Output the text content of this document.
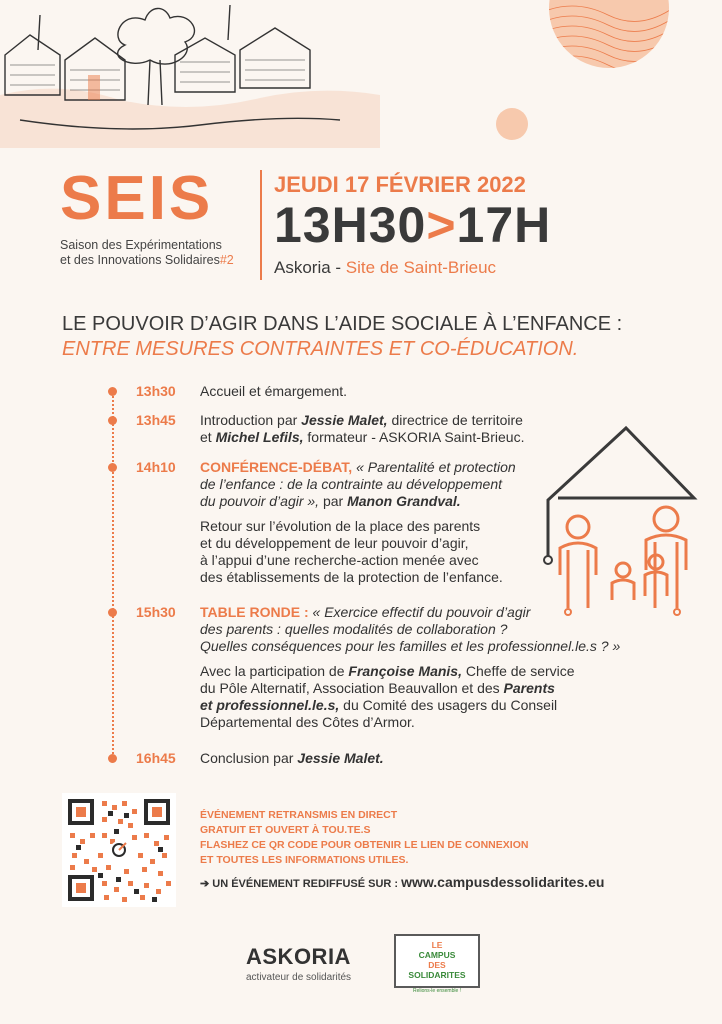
SEIS
Saison des Expérimentations
et des Innovations Solidaires#2
JEUDI 17 FÉVRIER 2022
13H30>17H
Askoria - Site de Saint-Brieuc
LE POUVOIR D’AGIR DANS L’AIDE SOCIALE À L’ENFANCE :
ENTRE MESURES CONTRAINTES ET CO-ÉDUCATION.
13h30 Accueil et émargement.
13h45 Introduction par Jessie Malet, directrice de territoire
et Michel Lefils, formateur - ASKORIA Saint-Brieuc.
14h10 CONFÉRENCE-DÉBAT, « Parentalité et protection
de l’enfance : de la contrainte au développement
du pouvoir d’agir », par Manon Grandval.
Retour sur l’évolution de la place des parents
et du développement de leur pouvoir d’agir,
à l’appui d’une recherche-action menée avec
des établissements de la protection de l’enfance.
15h30 TABLE RONDE : « Exercice effectif du pouvoir d’agir
des parents : quelles modalités de collaboration ?
Quelles conséquences pour les familles et les professionnel.le.s ? »
Avec la participation de Françoise Manis, Cheffe de service
du Pôle Alternatif, Association Beauvallon et des Parents
et professionnel.le.s, du Comité des usagers du Conseil
Départemental des Côtes d’Armor.
16h45 Conclusion par Jessie Malet.
ÉVÉNEMENT RETRANSMIS EN DIRECT
GRATUIT ET OUVERT À TOU.TE.S
FLASHEZ CE QR CODE POUR OBTENIR LE LIEN DE CONNEXION
ET TOUTES LES INFORMATIONS UTILES.
➔ UN ÉVÉNEMENT REDIFFUSÉ SUR : www.campusdessolidarites.eu
ASKORIA
activateur de solidarités
LE
CAMPUS
DES
SOLIDARITES
Relions-le ensemble !
